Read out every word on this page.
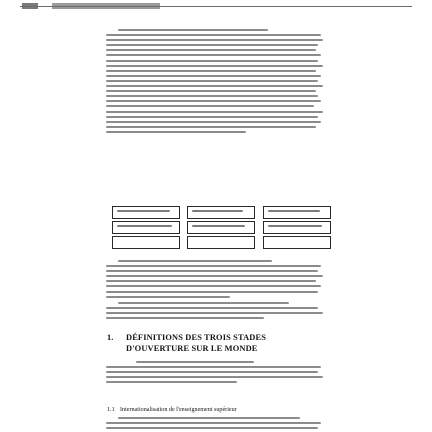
1. DÉFINITIONS DES TROIS STADES
D'OUVERTURE SUR LE MONDE
1.1 Internationalisation de l'enseignement supérieur
